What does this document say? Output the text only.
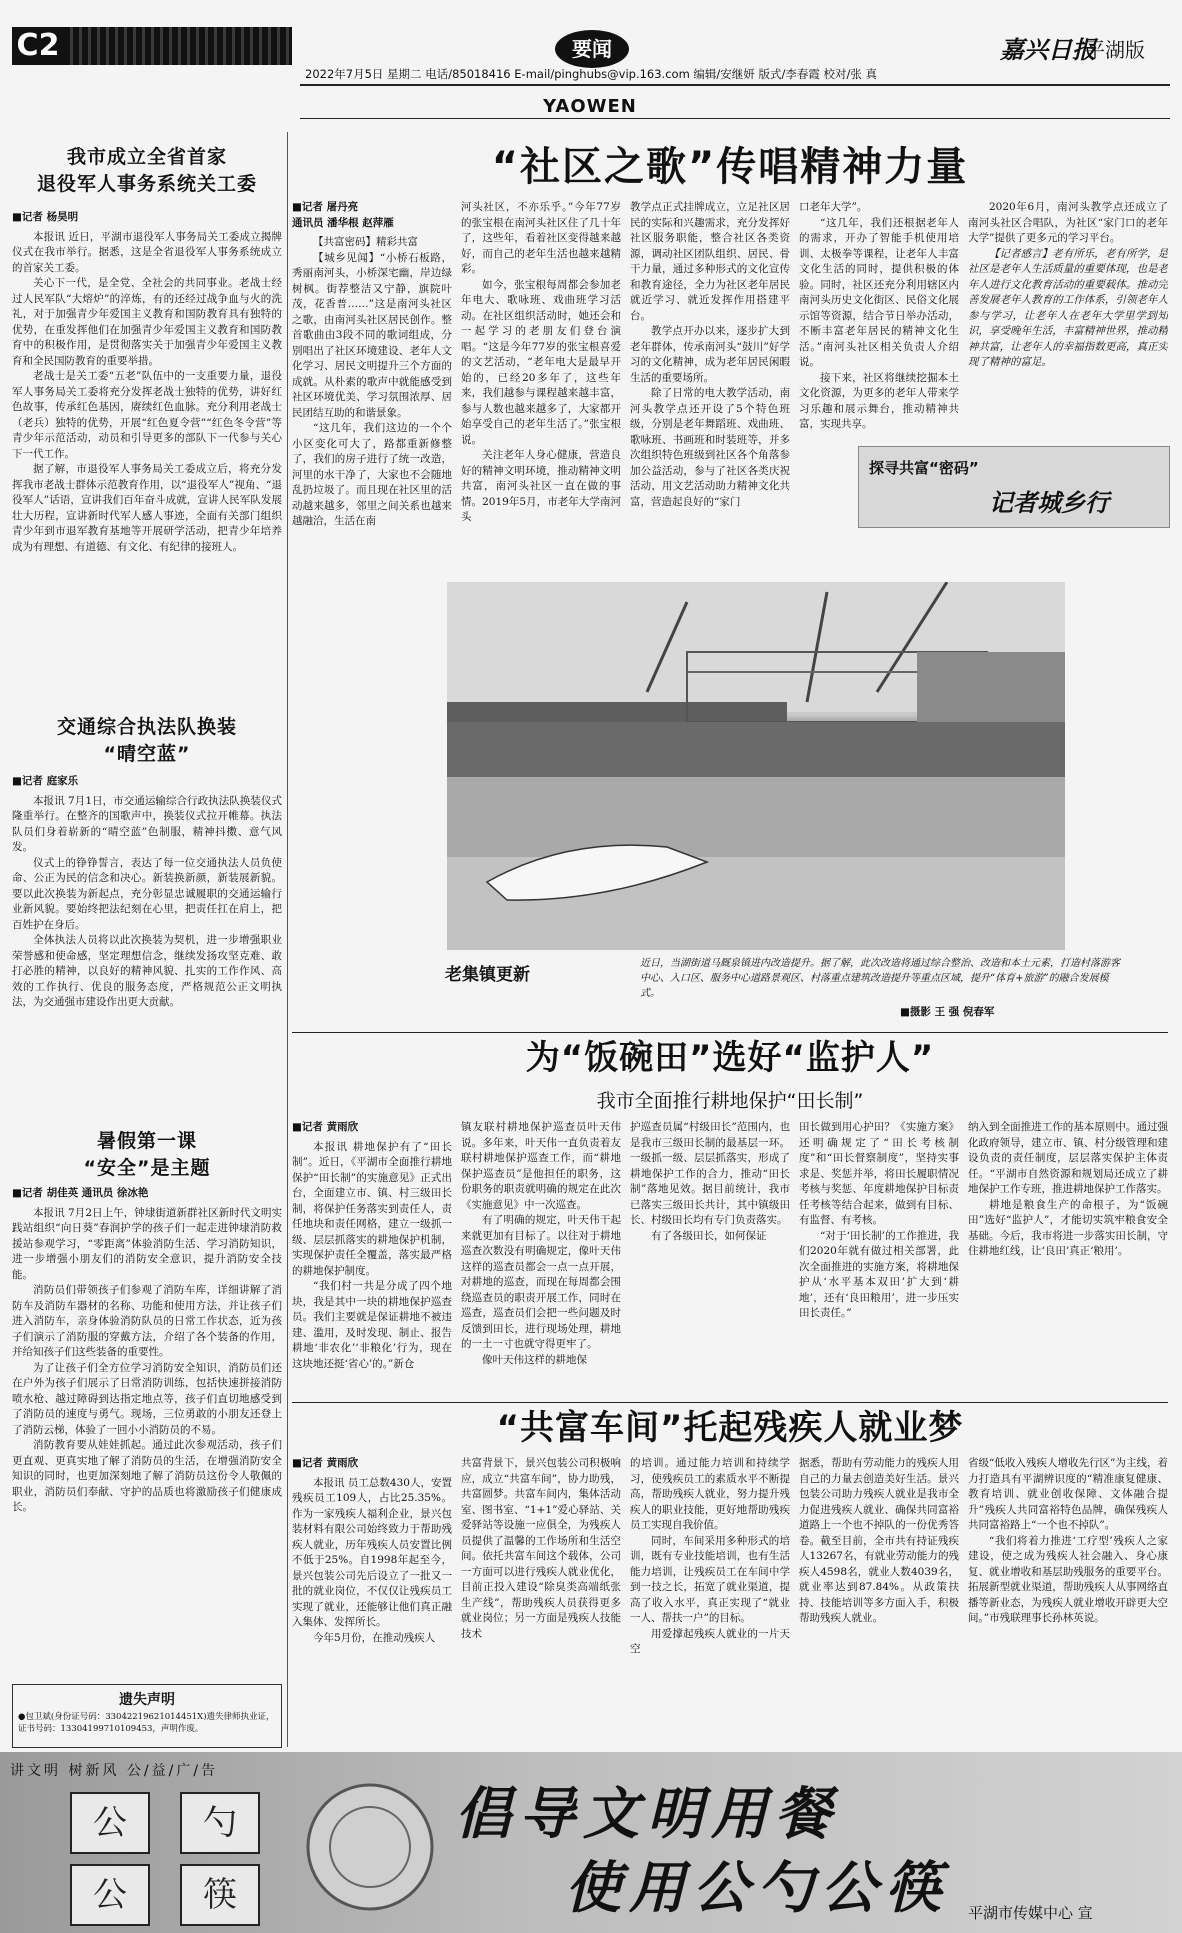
C2	要闻	嘉兴日报
平湖版
2022年7月5日 星期二 电话/85018416 E-mail/pinghubs@vip.163.com 编辑/安继妍 版式/李春霞 校对/张 真
YAOWEN
我市成立全省首家
退役军人事务系统关工委
■记者 杨昊明

本报讯 近日，平湖市退役军人事务局关工委成立揭牌仪式在我市举行。据悉，这是全省退役军人事务系统成立的首家关工委。

关心下一代，是全党、全社会的共同事业。老战士经过人民军队“大熔炉”的淬炼，有的还经过战争血与火的洗礼，对于加强青少年爱国主义教育和国防教育具有独特的优势，在重发挥他们在加强青少年爱国主义教育和国防教育中的积极作用，是贯彻落实关于加强青少年爱国主义教育和全民国防教育的重要举措。

老战士是关工委“五老”队伍中的一支重要力量，退役军人事务局关工委将充分发挥老战士独特的优势，讲好红色故事，传承红色基因，赓续红色血脉。充分利用老战士（老兵）独特的优势，开展“红色夏令营”“红色冬令营”等青少年示范活动，动员和引导更多的部队下一代参与关心下一代工作。

据了解，市退役军人事务局关工委成立后，将充分发挥我市老战士群体示范教育作用，以“退役军人”视角、“退役军人”话语，宣讲我们百年奋斗成就，宣讲人民军队发展壮大历程，宣讲新时代军人感人事迹，全面有关部门组织青少年到市退军教育基地等开展研学活动，把青少年培养成为有理想、有道德、有文化、有纪律的接班人。

交通综合执法队换装
“晴空蓝”
■记者 庭家乐

本报讯 7月1日，市交通运输综合行政执法队换装仪式隆重举行。在整齐的国歌声中，换装仪式拉开帷幕。执法队员们身着崭新的“晴空蓝”色制服，精神抖擞、意气风发。

仪式上的铮铮誓言，表达了每一位交通执法人员负使命、公正为民的信念和决心。新装换新颜，新装展新貌。要以此次换装为新起点，充分彰显忠诚履职的交通运输行业新风貌。要始终把法纪刻在心里，把责任扛在肩上，把百姓护在身后。

全体执法人员将以此次换装为契机，进一步增强职业荣誉感和使命感，坚定理想信念，继续发扬攻坚克难、敢打必胜的精神，以良好的精神风貌、扎实的工作作风、高效的工作执行、优良的服务态度，严格规范公正文明执法，为交通强市建设作出更大贡献。

暑假第一课
“安全”是主题
■记者 胡佳英 通讯员 徐冰艳

本报讯 7月2日上午，钟埭街道新群社区新时代文明实践站组织“向日葵”春润护学的孩子们一起走进钟埭消防救援站参观学习，“零距离”体验消防生活、学习消防知识，进一步增强小朋友们的消防安全意识，提升消防安全技能。

消防员们带领孩子们参观了消防车库，详细讲解了消防车及消防车器材的名称、功能和使用方法，并让孩子们进入消防车，亲身体验消防队员的日常工作状态，近为孩子们演示了消防服的穿戴方法，介绍了各个装备的作用，并给知孩子们这些装备的重要性。

为了让孩子们全方位学习消防安全知识，消防员们还在户外为孩子们展示了日常消防训练，包括快速拼接消防喷水枪、越过障碍到达指定地点等，孩子们直切地感受到了消防员的速度与勇气。现场，三位勇敢的小朋友还登上了消防云梯，体验了一回小小消防员的不易。

消防教育要从娃娃抓起。通过此次参观活动，孩子们更直观、更真实地了解了消防员的生活，在增强消防安全知识的同时，也更加深刻地了解了消防员这份令人敬佩的职业，消防员们奉献、守护的品质也将激励孩子们健康成长。

遗失声明
●包卫斌(身份证号码：33042219621014451X)遗失律师执业证，证书号码：13304199710109453，声明作废。
“社区之歌”传唱精神力量
■记者 屠丹亮
通讯员 潘华根 赵萍雁

【共富密码】精彩共富

【城乡见闻】“小桥石板路，秀丽南河头，小桥深宅幽，岸边绿树枫。街荐整洁又宁静，旗院叶茂，花香普……”这是南河头社区之歌，由南河头社区居民创作。整首歌曲由3段不同的歌词组成，分别唱出了社区环境建设、老年人文化学习、居民文明提升三个方面的成就。从朴素的歌声中就能感受到社区环境优美、学习氛围浓厚、居民团结互助的和谐景象。

“这几年，我们这边的一个个小区变化可大了，路都重新修整了，我们的房子进行了统一改造，河里的水干净了，大家也不会随地乱扔垃圾了。而且现在社区里的活动越来越多，邻里之间关系也越来越融洽，生活在南

河头社区，不亦乐乎。”今年77岁的张宝根在南河头社区住了几十年了，这些年，看着社区变得越来越好，而自己的老年生活也越来越精彩。

如今，张宝根每周都会参加老年电大、歌咏班、戏曲班学习活动。在社区组织活动时，她还会和一起学习的老朋友们登台演唱。“这是今年77岁的张宝根喜爱的文艺活动，“老年电大是最早开始的，已经20多年了，这些年来，我们越参与课程越来越丰富，参与人数也越来越多了，大家都开始享受自己的老年生活了。”张宝根说。

关注老年人身心健康，营造良好的精神文明环境，推动精神文明共富，南河头社区一直在做的事情。2019年5月，市老年大学南河头

教学点正式挂牌成立，立足社区居民的实际和兴趣需求，充分发挥好社区服务职能，整合社区各类资源，调动社区团队组织、居民、骨干力量，通过多种形式的文化宣传和教育途径，全力为社区老年居民就近学习、就近发挥作用搭建平台。

教学点开办以来，逐步扩大到老年群体，传承南河头“鼓川”好学习的文化精神，成为老年居民闲暇生活的重要场所。

除了日常的电大教学活动，南河头教学点还开设了5个特色班级，分别是老年舞蹈班、戏曲班、歌咏班、书画班和时装班等，并多次组织特色班级到社区各个角落参加公益活动，参与了社区各类庆祝活动，用文艺活动助力精神文化共富，营造起良好的“家门

口老年大学”。

“这几年，我们还根据老年人的需求，开办了智能手机使用培训、太极拳等课程，让老年人丰富文化生活的同时，提供积极的体验。同时，社区还充分利用辖区内南河头历史文化街区、民俗文化展示馆等资源，结合节日举办活动，不断丰富老年居民的精神文化生活。”南河头社区相关负责人介绍说。

接下来，社区将继续挖掘本土文化资源，为更多的老年人带来学习乐趣和展示舞台，推动精神共富，实现共享。

2020年6月，南河头教学点还成立了南河头社区合唱队，为社区“家门口的老年大学”提供了更多元的学习平台。

【记者感言】老有所乐，老有所学，是社区是老年人生活质量的重要体现，也是老年人进行文化教育活动的重要载体。推动完善发展老年人教育的工作体系，引领老年人参与学习，让老年人在老年大学里学到知识，享受晚年生活，丰富精神世界，推动精神共富，让老年人的幸福指数更高，真正实现了精神的富足。

探寻共富“密码”
记者城乡行
老集镇更新
近日，当湖街道马厩泉镇进内改造提升。据了解，此次改造将通过综合整治、改造和本土元素，打造村落游客中心、入口区、服务中心道路景观区、村落重点建筑改造提升等重点区域，提升“体育+旅游”的融合发展模式。
■摄影 王 强 倪春军
为“饭碗田”选好“监护人”
我市全面推行耕地保护“田长制”
■记者 黄雨欣

本报讯 耕地保护有了“田长制”。近日，《平湖市全面推行耕地保护“田长制”的实施意见》正式出台，全面建立市、镇、村三级田长制，将保护任务落实到责任人，责任地块和责任网格，建立一级抓一级、层层抓落实的耕地保护机制，实现保护责任全覆盖，落实最严格的耕地保护制度。

“我们村一共是分成了四个地块，我是其中一块的耕地保护巡查员。我们主要就是保证耕地不被违建、滥用，及时发现、制止、报告耕地‘非农化’‘非粮化’行为，现在这块地还挺‘省心’的。”新仓

镇友联村耕地保护巡查员叶天伟说。多年来，叶天伟一直负责着友联村耕地保护巡查工作，而“耕地保护巡查员”是他担任的职务，这份职务的职责就明确的规定在此次《实施意见》中一次巡查。

有了明确的规定，叶天伟干起来就更加有目标了。以往对于耕地巡查次数没有明确规定，像叶天伟这样的巡查员都会一点一点开展，对耕地的巡查，而现在每周都会围绕巡查员的职责开展工作，同时在巡查，巡查员们会把一些问题及时反馈到田长，进行现场处理，耕地的一土一寸也就守得更牢了。

像叶天伟这样的耕地保

护巡查员属“村级田长”范围内，也是我市三级田长制的最基层一环。一级抓一级、层层抓落实，形成了耕地保护工作的合力，推动“田长制”落地见效。据目前统计，我市已落实三级田长共计，其中镇级田长、村级田长均有专门负责落实。

有了各级田长，如何保证

田长做到用心护田？《实施方案》还明确规定了“田长考核制度”和“田长督察制度”，坚持实事求是、奖惩并举，将田长履职情况考核与奖惩、年度耕地保护目标责任考核等结合起来，做到有目标、有监督、有考核。

“对于‘田长制’的工作推进，我们2020年就有做过相关部署，此次全面推进的实施方案，将耕地保护从‘水平基本双田’扩大到‘耕地’，还有‘良田粮用’，进一步压实田长责任。”

纳入到全面推进工作的基本原则中。通过强化政府领导，建立市、镇、村分级管理和建设负责的责任制度，层层落实保护主体责任。“平湖市自然资源和规划局还成立了耕地保护工作专班，推进耕地保护工作落实。

耕地是粮食生产的命根子，为“饭碗田”选好“监护人”，才能切实筑牢粮食安全基础。今后，我市将进一步落实田长制，守住耕地红线，让‘良田’真正‘粮用’。

“共富车间”托起残疾人就业梦
■记者 黄雨欣

本报讯 员工总数430人，安置残疾员工109人，占比25.35%。作为一家残疾人福利企业，景兴包装材料有限公司始终致力于帮助残疾人就业，历年残疾人员安置比例不低于25%。自1998年起至今，景兴包装公司先后设立了一批又一批的就业岗位，不仅仅让残疾员工实现了就业，还能够让他们真正融入集体、发挥所长。

今年5月份，在推动残疾人

共富背景下，景兴包装公司积极响应，成立“共富车间”，协力助残，共富圆梦。共富车间内，集体活动室、图书室、“1+1”爱心驿站、关爱驿站等设施一应俱全，为残疾人员提供了温馨的工作场所和生活空间。依托共富车间这个载体，公司一方面可以进行残疾人就业优化，目前正投入建设“除臭类高端纸张生产线”，帮助残疾人员获得更多就业岗位；另一方面是残疾人技能技术

的培训。通过能力培训和持续学习，使残疾员工的素质水平不断提高，帮助残疾人就业，努力提升残疾人的职业技能，更好地帮助残疾员工实现自我价值。

同时，车间采用多种形式的培训，既有专业技能培训，也有生活能力培训，让残疾员工在车间中学到一技之长，拓宽了就业渠道，提高了收入水平，真正实现了“就业一人、帮扶一户”的目标。

用爱撑起残疾人就业的一片天空

据悉，帮助有劳动能力的残疾人用自己的力量去创造美好生活。景兴包装公司助力残疾人就业是我市全力促进残疾人就业、确保共同富裕道路上一个也不掉队的一份优秀答卷。截至目前，全市共有持证残疾人13267名，有就业劳动能力的残疾人4598名，就业人数4039名，就业率达到87.84%。从政策扶持、技能培训等多方面入手，积极帮助残疾人就业。

省级“低收入残疾人增收先行区”为主线，着力打造具有平湖辨识度的“精准康复健康、教育培训、就业创收保障、文体融合提升”残疾人共同富裕特色品牌，确保残疾人共同富裕路上“一个也不掉队”。

“我们将着力推进‘工疗型’残疾人之家建设，使之成为残疾人社会融入、身心康复、就业增收和基层助残服务的重要平台。拓展新型就业渠道，帮助残疾人从事网络直播等新业态，为残疾人就业增收开辟更大空间。”市残联理事长孙林英说。

讲文明 树新风 公/益/广/告
公	勺
公	筷
倡导文明用餐
使用公勺公筷 平湖市传媒中心 宣
